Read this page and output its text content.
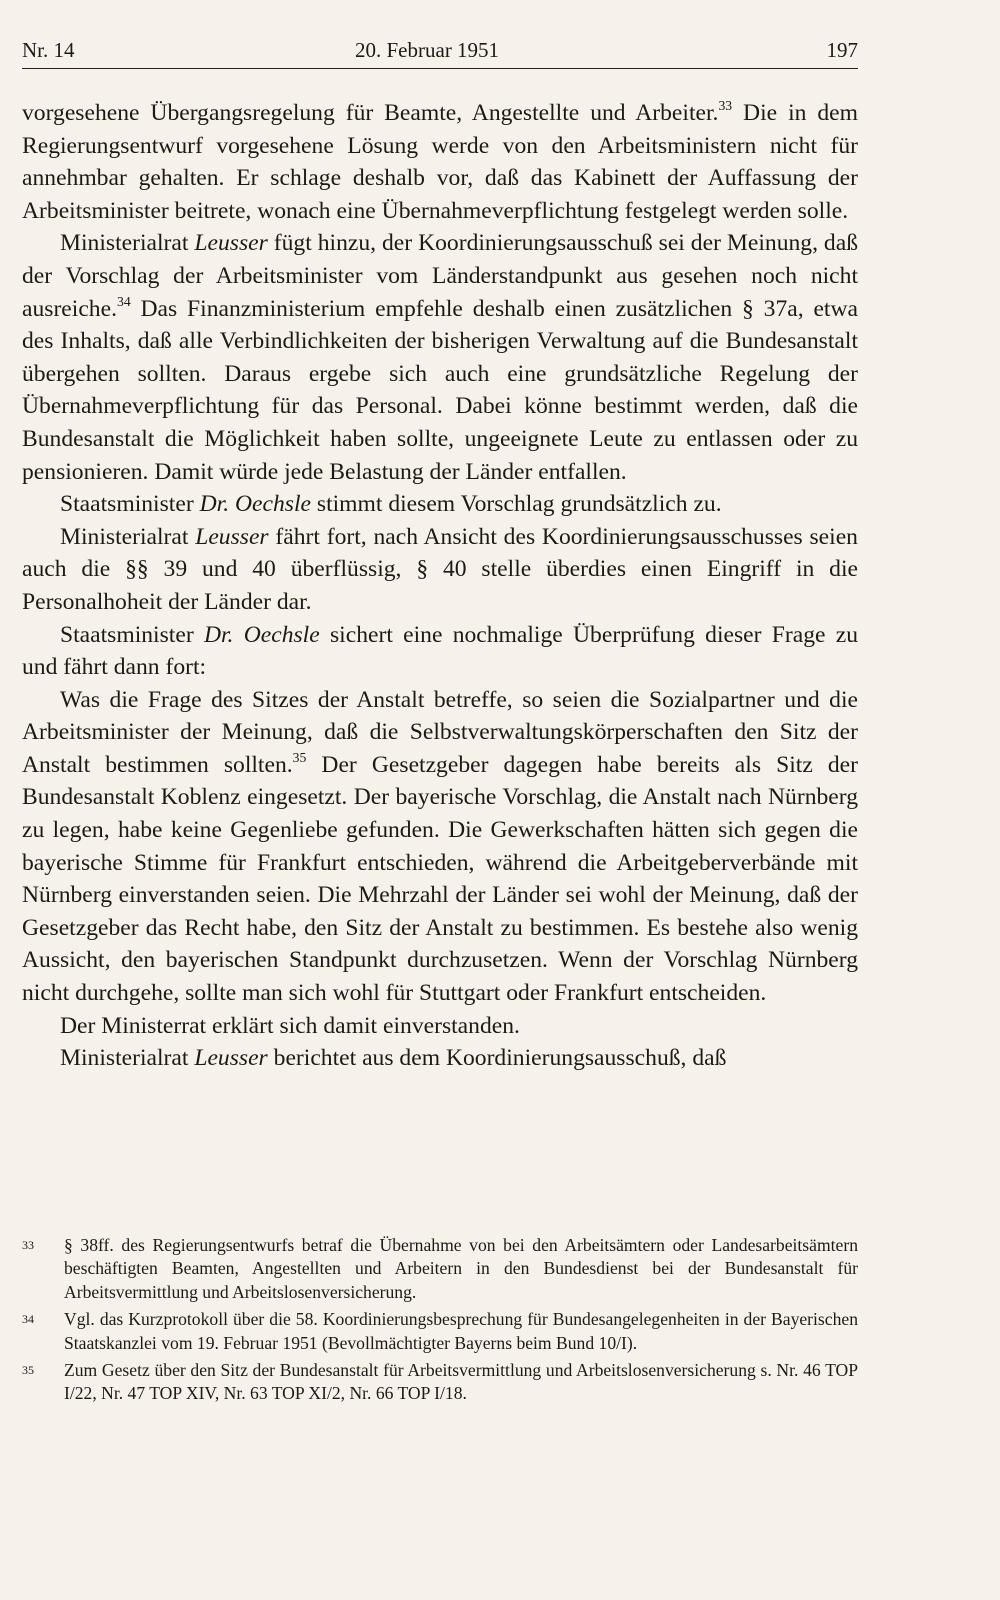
Nr. 14	20. Februar 1951	197

vorgesehene Übergangsregelung für Beamte, Angestellte und Arbeiter.$^{33}$ Die in dem Regierungsentwurf vorgesehene Lösung werde von den Arbeitsministern nicht für annehmbar gehalten. Er schlage deshalb vor, daß das Kabinett der Auffassung der Arbeitsminister beitrete, wonach eine Übernahmeverpflichtung festgelegt werden solle.

Ministerialrat Leusser fügt hinzu, der Koordinierungsausschuß sei der Meinung, daß der Vorschlag der Arbeitsminister vom Länderstandpunkt aus gesehen noch nicht ausreiche.$^{34}$ Das Finanzministerium empfehle deshalb einen zusätzlichen § 37a, etwa des Inhalts, daß alle Verbindlichkeiten der bisherigen Verwaltung auf die Bundesanstalt übergehen sollten. Daraus ergebe sich auch eine grundsätzliche Regelung der Übernahmeverpflichtung für das Personal. Dabei könne bestimmt werden, daß die Bundesanstalt die Möglichkeit haben sollte, ungeeignete Leute zu entlassen oder zu pensionieren. Damit würde jede Belastung der Länder entfallen.

Staatsminister Dr. Oechsle stimmt diesem Vorschlag grundsätzlich zu.

Ministerialrat Leusser fährt fort, nach Ansicht des Koordinierungsausschusses seien auch die §§ 39 und 40 überflüssig, § 40 stelle überdies einen Eingriff in die Personalhoheit der Länder dar.

Staatsminister Dr. Oechsle sichert eine nochmalige Überprüfung dieser Frage zu und fährt dann fort:

Was die Frage des Sitzes der Anstalt betreffe, so seien die Sozialpartner und die Arbeitsminister der Meinung, daß die Selbstverwaltungskörperschaften den Sitz der Anstalt bestimmen sollten.$^{35}$ Der Gesetzgeber dagegen habe bereits als Sitz der Bundesanstalt Koblenz eingesetzt. Der bayerische Vorschlag, die Anstalt nach Nürnberg zu legen, habe keine Gegenliebe gefunden. Die Gewerkschaften hätten sich gegen die bayerische Stimme für Frankfurt entschieden, während die Arbeitgeberverbände mit Nürnberg einverstanden seien. Die Mehrzahl der Länder sei wohl der Meinung, daß der Gesetzgeber das Recht habe, den Sitz der Anstalt zu bestimmen. Es bestehe also wenig Aussicht, den bayerischen Standpunkt durchzusetzen. Wenn der Vorschlag Nürnberg nicht durchgehe, sollte man sich wohl für Stuttgart oder Frankfurt entscheiden.

Der Ministerrat erklärt sich damit einverstanden.

Ministerialrat Leusser berichtet aus dem Koordinierungsausschuß, daß

33 § 38ff. des Regierungsentwurfs betraf die Übernahme von bei den Arbeitsämtern oder Landesarbeitsämtern beschäftigten Beamten, Angestellten und Arbeitern in den Bundesdienst bei der Bundesanstalt für Arbeitsvermittlung und Arbeitslosenversicherung.
34 Vgl. das Kurzprotokoll über die 58. Koordinierungsbesprechung für Bundesangelegenheiten in der Bayerischen Staatskanzlei vom 19. Februar 1951 (Bevollmächtigter Bayerns beim Bund 10/I).
35 Zum Gesetz über den Sitz der Bundesanstalt für Arbeitsvermittlung und Arbeitslosenversicherung s. Nr. 46 TOP I/22, Nr. 47 TOP XIV, Nr. 63 TOP XI/2, Nr. 66 TOP I/18.
